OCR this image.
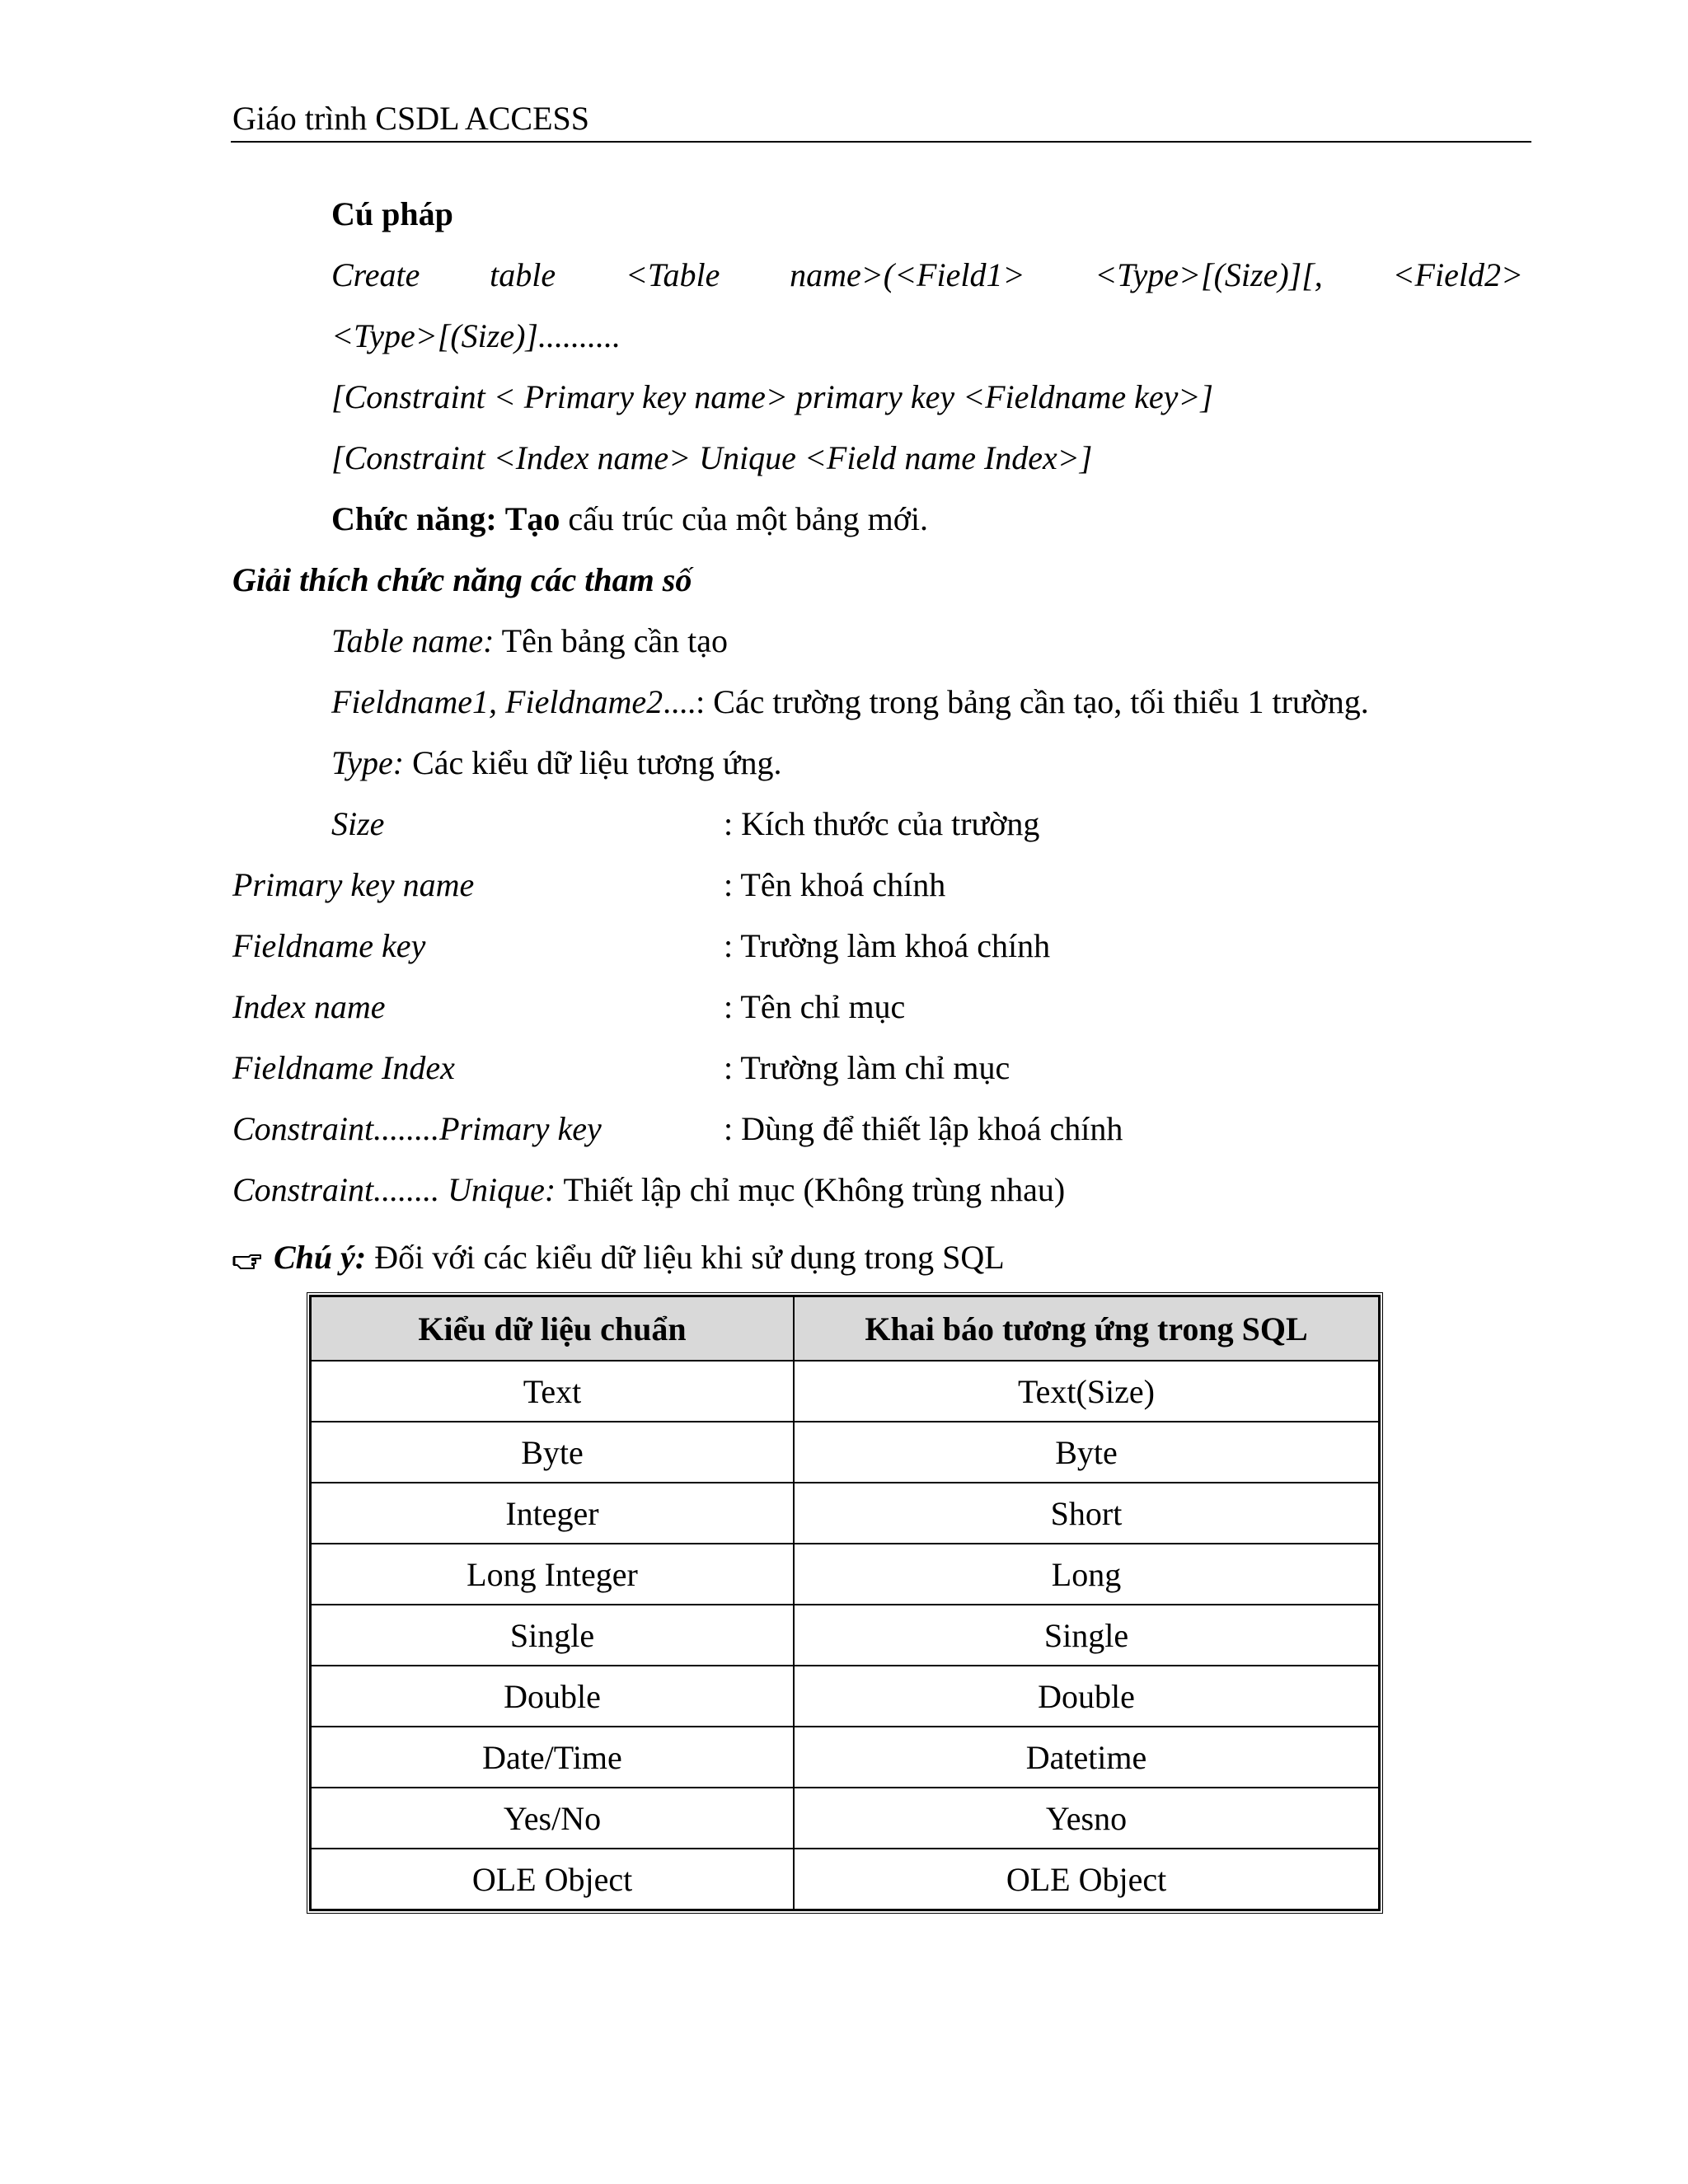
Giáo trình CSDL ACCESS
Cú pháp
Create table <Table name>(<Field1> <Type>[(Size)][, <Field2>
<Type>[(Size)]..........
[Constraint < Primary key name> primary key <Fieldname key>]
[Constraint <Index name> Unique <Field name Index>]
Chức năng: Tạo cấu trúc của một bảng mới.
Giải thích chức năng các tham số
Table name: Tên bảng cần tạo
Fieldname1, Fieldname2....: Các trường trong bảng cần tạo, tối thiểu 1 trường.
Type: Các kiểu dữ liệu tương ứng.
Size	: Kích thước của trường
Primary key name	: Tên khoá chính
Fieldname key	: Trường làm khoá chính
Index name	: Tên chỉ mục
Fieldname Index	: Trường làm chỉ mục
Constraint........Primary key	: Dùng để thiết lập khoá chính
Constraint........ Unique: Thiết lập chỉ mục (Không trùng nhau)
Chú ý: Đối với các kiểu dữ liệu khi sử dụng trong SQL
Kiểu dữ liệu chuẩn	Khai báo tương ứng trong SQL
Text	Text(Size)
Byte	Byte
Integer	Short
Long Integer	Long
Single	Single
Double	Double
Date/Time	Datetime
Yes/No	Yesno
OLE Object	OLE Object
